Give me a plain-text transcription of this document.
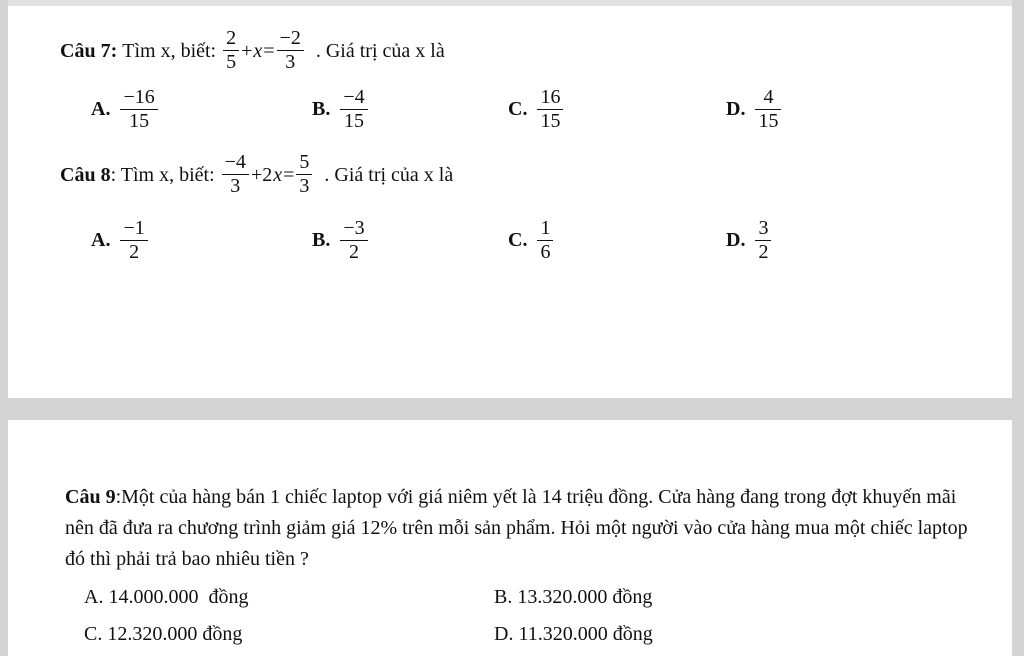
Câu 7:
Tìm x, biết:
$\frac{2}{5} + x = \frac{-2}{3}$
. Giá trị của x là
A. $\frac{-16}{15}$	B. $\frac{-4}{15}$	C. $\frac{16}{15}$	D. $\frac{4}{15}$
Câu 8 : Tìm x, biết:
$\frac{-4}{3} +2$ $x = \frac{5}{3}$
. Giá trị của x là
A. $\frac{-1}{2}$	B. $\frac{-3}{2}$	C. $\frac{1}{6}$	D. $\frac{3}{2}$
Câu 9:Một của hàng bán 1 chiếc laptop với giá niêm yết là 14 triệu đồng. Cửa hàng đang trong đợt khuyến mãi nên đã đưa ra chương trình giảm giá 12% trên mỗi sản phẩm. Hỏi một người vào cửa hàng mua một chiếc laptop đó thì phải trả bao nhiêu tiền ?
A. 14.000.000  đồng	B. 13.320.000 đồng
C. 12.320.000 đồng	D. 11.320.000 đồng
